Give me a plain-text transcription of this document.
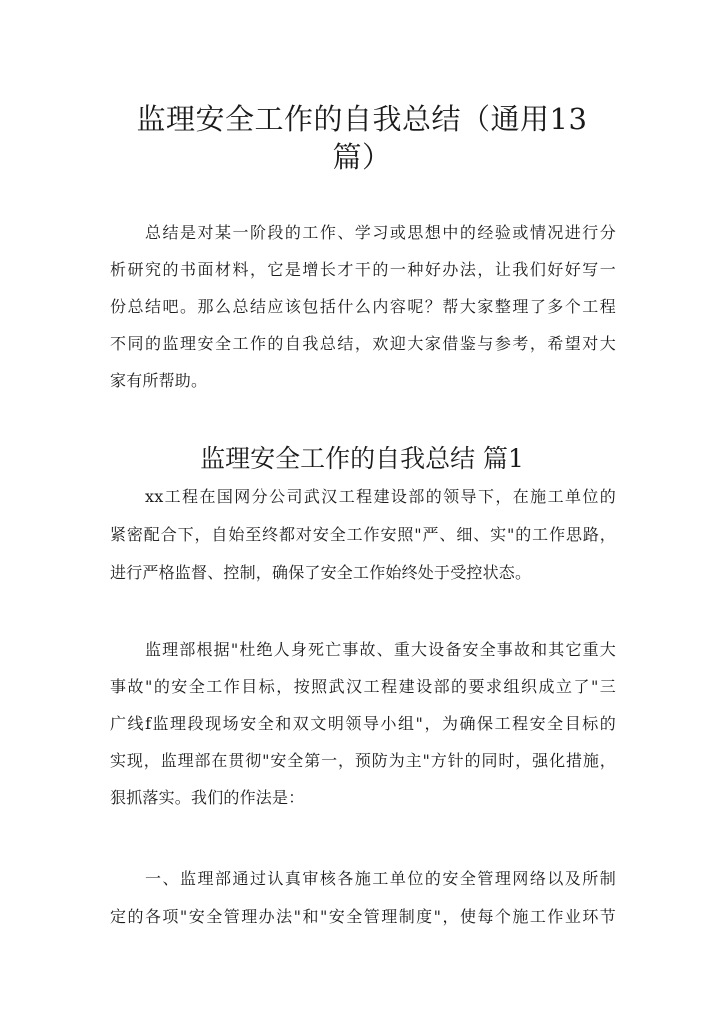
监理安全工作的自我总结（通用13
篇）
总结是对某一阶段的工作、学习或思想中的经验或情况进行分
析研究的书面材料，它是增长才干的一种好办法，让我们好好写一
份总结吧。那么总结应该包括什么内容呢？帮大家整理了多个工程
不同的监理安全工作的自我总结，欢迎大家借鉴与参考，希望对大
家有所帮助。
监理安全工作的自我总结 篇1
xx工程在国网分公司武汉工程建设部的领导下，在施工单位的
紧密配合下，自始至终都对安全工作安照"严、细、实"的工作思路，
进行严格监督、控制，确保了安全工作始终处于受控状态。
监理部根据"杜绝人身死亡事故、重大设备安全事故和其它重大
事故"的安全工作目标，按照武汉工程建设部的要求组织成立了"三
广线f监理段现场安全和双文明领导小组"，为确保工程安全目标的
实现，监理部在贯彻"安全第一，预防为主"方针的同时，强化措施，
狠抓落实。我们的作法是：
一、监理部通过认真审核各施工单位的安全管理网络以及所制
定的各项"安全管理办法"和"安全管理制度"，使每个施工作业环节
